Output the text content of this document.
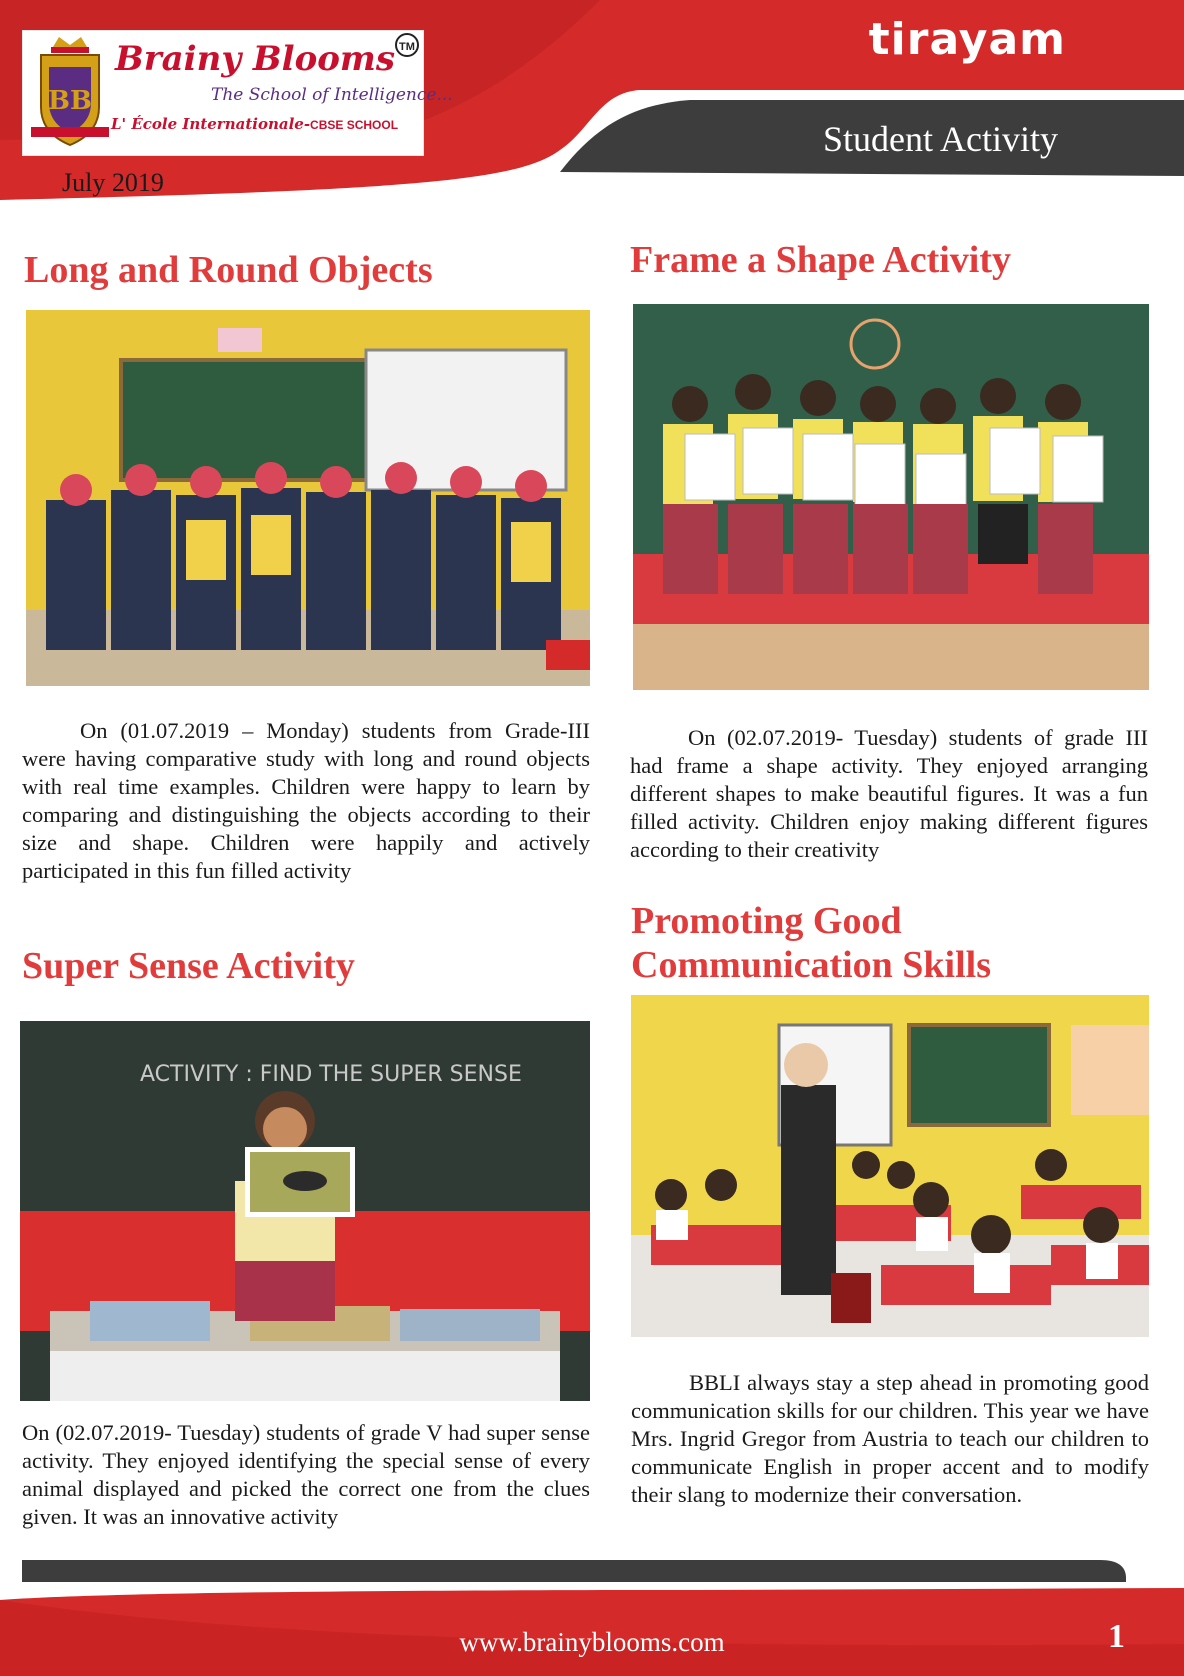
BB
Brainy Blooms TM
The School of Intelligence...
L' École Internationale-CBSE SCHOOL
July 2019
tirayam
Student Activity
Long and Round Objects
On (01.07.2019 – Monday) students from Grade-III were having comparative study with long and round objects with real time examples. Children were happy to learn by comparing and distinguishing the objects according to their size and shape. Children were happily and actively participated in this fun filled activity
Frame a Shape Activity
On (02.07.2019- Tuesday) students of grade III had frame a shape activity. They enjoyed arranging different shapes to make beautiful figures. It was a fun filled activity. Children enjoy making different figures according to their creativity
Super Sense Activity
ACTIVITY : FIND THE SUPER SENSE
On (02.07.2019- Tuesday) students of grade V had super sense activity. They enjoyed identifying the special sense of every animal displayed and picked the correct one from the clues given. It was an innovative activity
Promoting Good
Communication Skills
BBLI always stay a step ahead in promoting good communication skills for our children. This year we have Mrs. Ingrid Gregor from Austria to teach our children to communicate English in proper accent and to modify their slang to modernize their conversation.
www.brainyblooms.com	1
